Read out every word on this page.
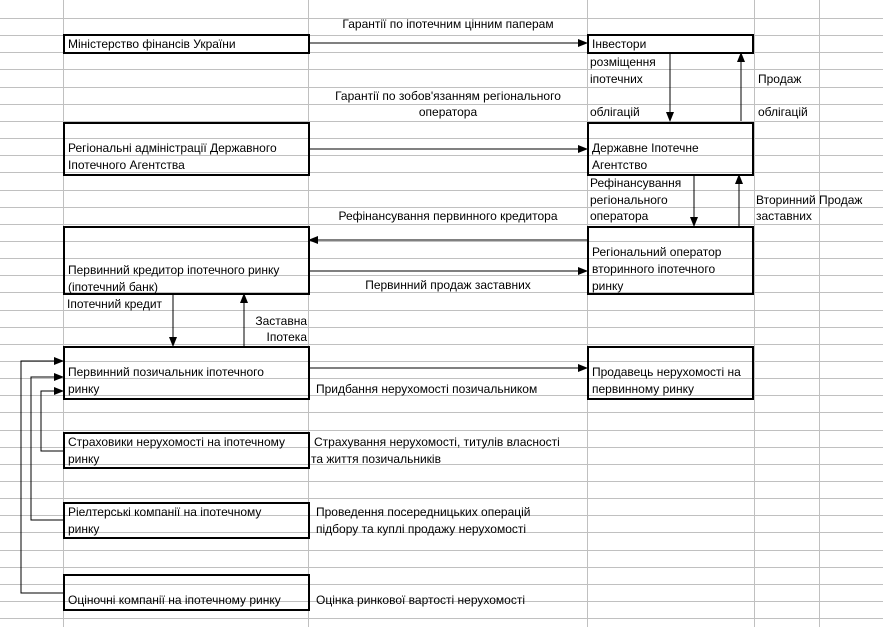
Міністерство фінансів України	Інвестори
Регіональні адміністрації Державного
Іпотечного Агентства
Державне Іпотечне
Агентство
Первинний кредитор іпотечного ринку
(іпотечний банк)
Регіональний оператор
вторинного іпотечного
ринку
Первинний позичальник іпотечного
ринку
Продавець нерухомості на
первинному ринку
Страховики нерухомості на іпотечному
ринку
Ріелтерські компанії на іпотечному
ринку
Оціночні компанії на іпотечному ринку
Гарантії по іпотечним цінним паперам
розміщення
іпотечних
облігацій
Продаж
облігацій
Гарантії по зобов'язанням регіонального
оператора
Рефінансування
регіонального
оператора
Вторинний Продаж
заставних
Рефінансування первинного кредитора
Первинний продаж заставних
Іпотечний кредит
Заставна
Іпотека
Придбання нерухомості позичальником
Страхування нерухомості, титулів власності
та життя позичальників
Проведення посередницьких операцій
підбору та куплі продажу нерухомості
Оцінка ринкової вартості нерухомості
